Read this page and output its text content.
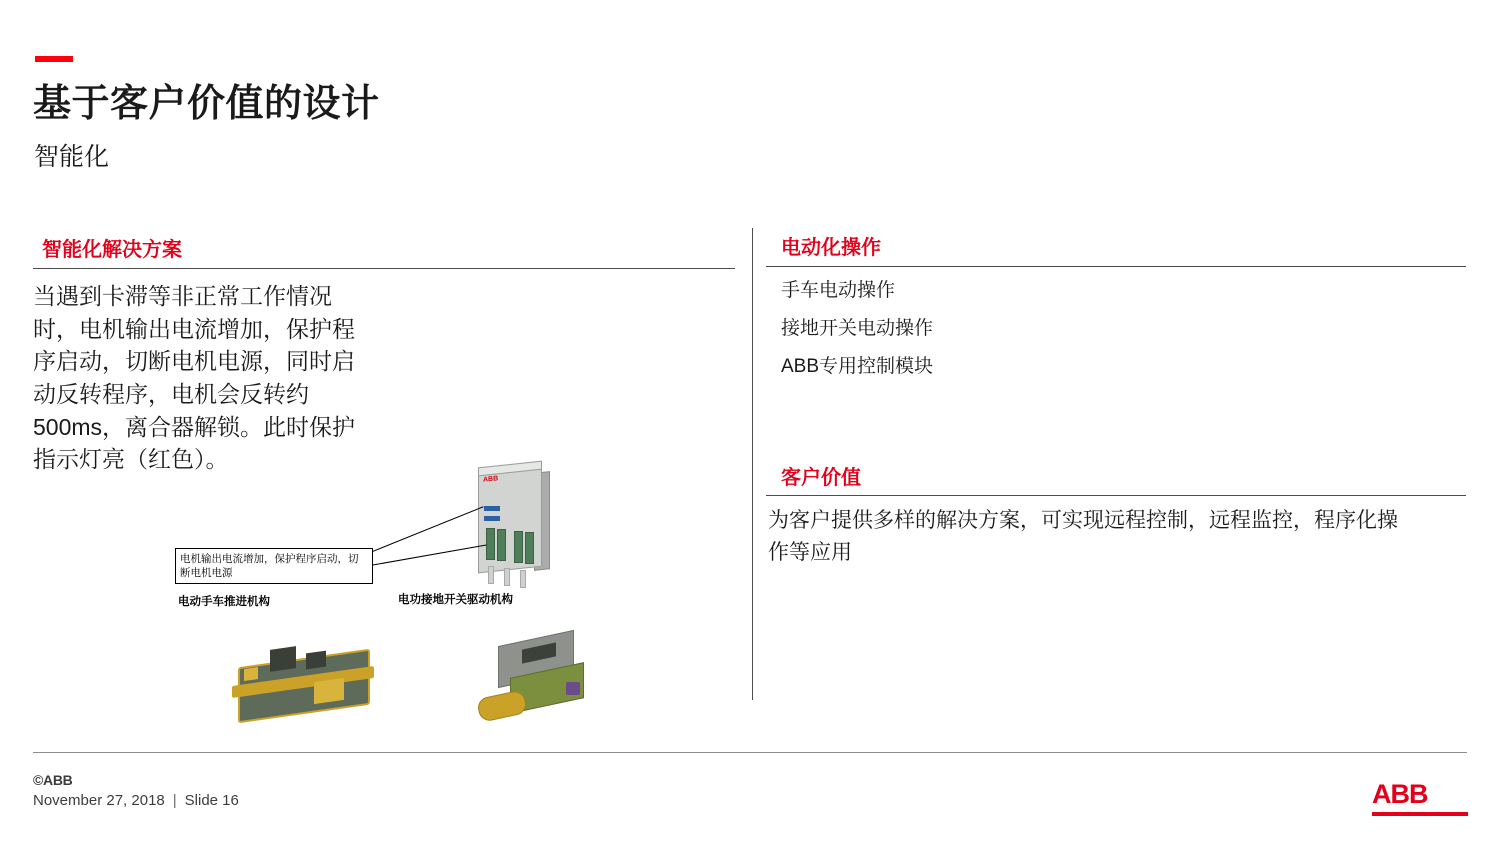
基于客户价值的设计
智能化
智能化解决方案
当遇到卡滞等非正常工作情况时，电机输出电流增加，保护程序启动，切断电机电源，同时启动反转程序，电机会反转约500ms，离合器解锁。此时保护指示灯亮（红色）。
ABB
电机输出电流增加，保护程序启动，切断电机电源
电动手车推进机构	电功接地开关驱动机构
电动化操作
手车电动操作
接地开关电动操作
ABB专用控制模块
客户价值
为客户提供多样的解决方案，可实现远程控制，远程监控，程序化操作等应用
©ABB
November 27, 2018 | Slide 16	ABB
